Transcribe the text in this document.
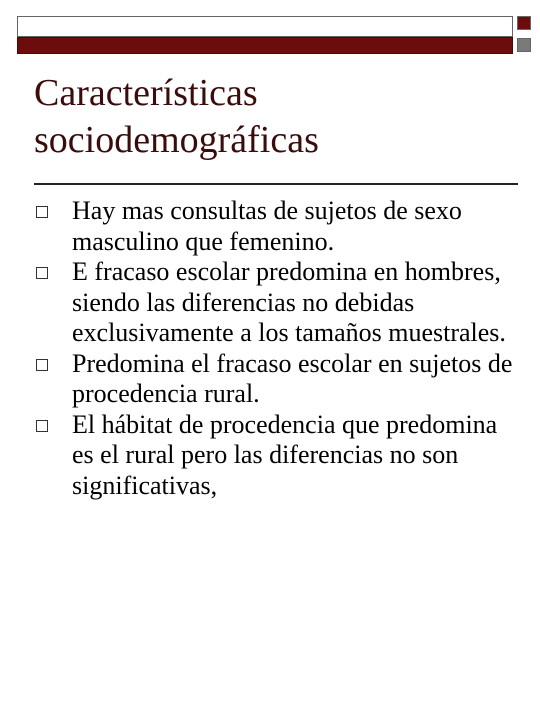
Características
sociodemográficas
Hay mas consultas de sujetos de sexo masculino que femenino.
E fracaso escolar predomina en hombres, siendo las diferencias no debidas exclusivamente a los tamaños muestrales.
Predomina el fracaso escolar en sujetos de procedencia rural.
El hábitat de procedencia que predomina es el rural pero las diferencias no son significativas,
